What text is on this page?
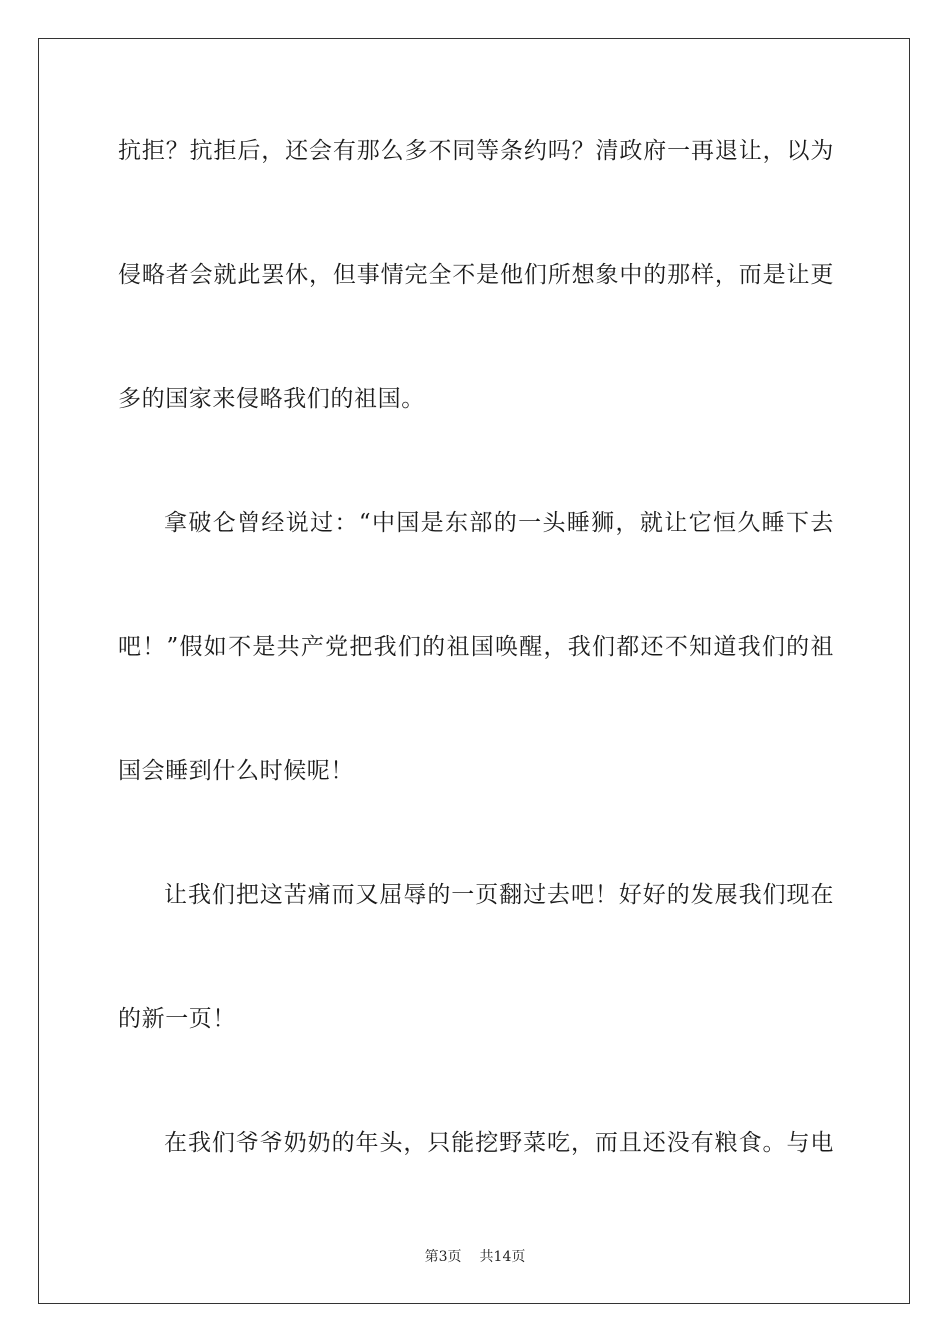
抗拒？抗拒后，还会有那么多不同等条约吗？清政府一再退让，以为
侵略者会就此罢休，但事情完全不是他们所想象中的那样，而是让更
多的国家来侵略我们的祖国。
拿破仑曾经说过：“中国是东部的一头睡狮，就让它恒久睡下去
吧！”假如不是共产党把我们的祖国唤醒，我们都还不知道我们的祖
国会睡到什么时候呢！
让我们把这苦痛而又屈辱的一页翻过去吧！好好的发展我们现在
的新一页！
在我们爷爷奶奶的年头，只能挖野菜吃，而且还没有粮食。与电
第3页 共14页
